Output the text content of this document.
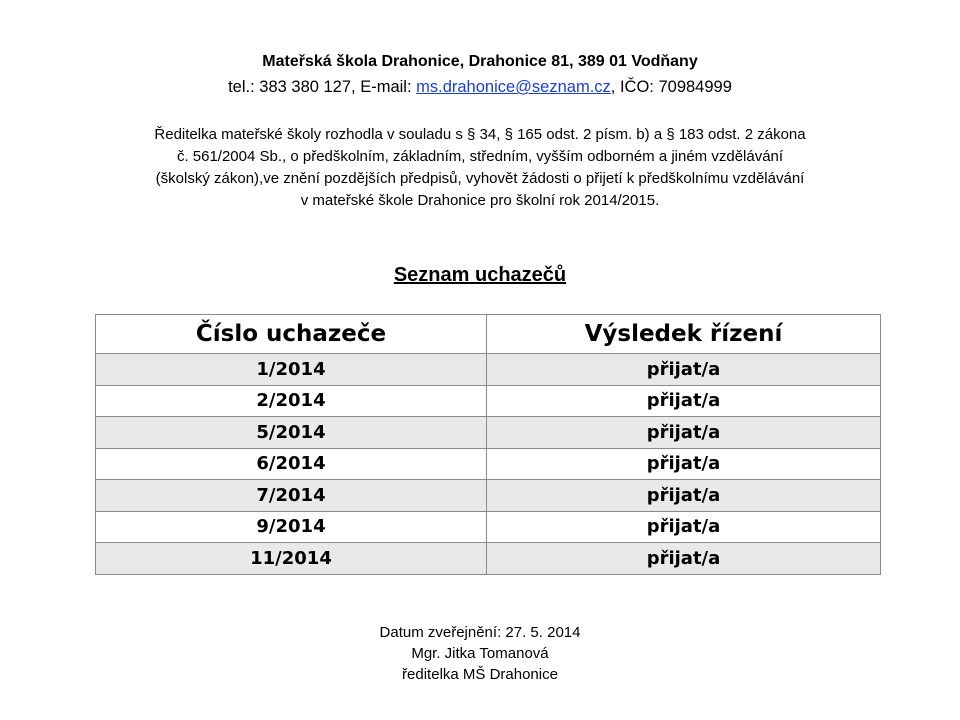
Mateřská škola Drahonice, Drahonice 81, 389 01 Vodňany
tel.: 383 380 127, E-mail: ms.drahonice@seznam.cz, IČO: 70984999
Ředitelka mateřské školy rozhodla v souladu s § 34, § 165 odst. 2 písm. b) a § 183 odst. 2 zákona
č. 561/2004 Sb., o předškolním, základním, středním, vyšším odborném a jiném vzdělávání
(školský zákon),ve znění pozdějších předpisů, vyhovět žádosti o přijetí k předškolnímu vzdělávání
v mateřské škole Drahonice pro školní rok 2014/2015.
Seznam uchazečů
Číslo uchazeče	Výsledek řízení
1/2014	přijat/a
2/2014	přijat/a
5/2014	přijat/a
6/2014	přijat/a
7/2014	přijat/a
9/2014	přijat/a
11/2014	přijat/a
Datum zveřejnění: 27. 5. 2014
Mgr. Jitka Tomanová
ředitelka MŠ Drahonice
